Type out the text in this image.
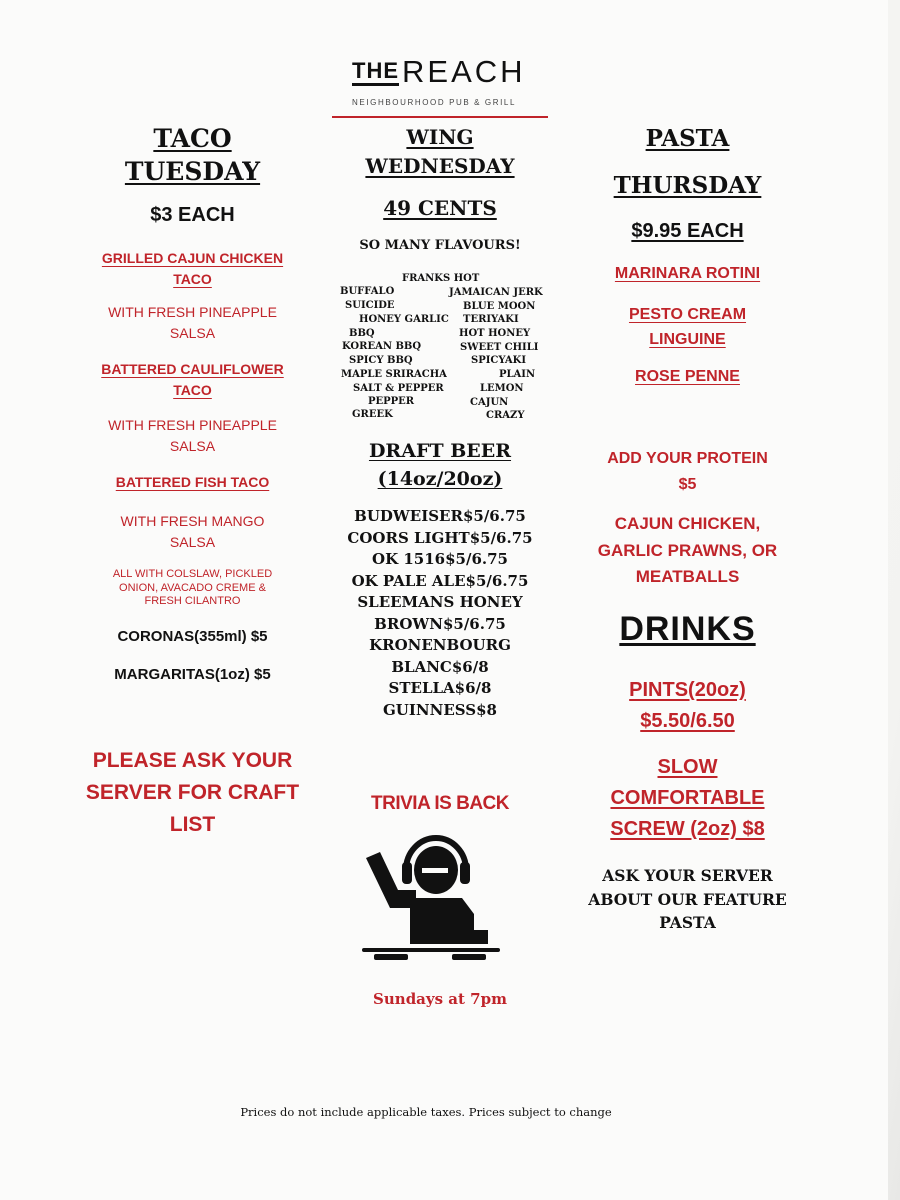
THE REACH
NEIGHBOURHOOD PUB & GRILL
TACO
TUESDAY
$3 EACH
GRILLED CAJUN CHICKEN
TACO
WITH FRESH PINEAPPLE
SALSA
BATTERED CAULIFLOWER
TACO
WITH FRESH PINEAPPLE
SALSA
BATTERED FISH TACO
WITH FRESH MANGO
SALSA
ALL WITH COLSLAW, PICKLED
ONION, AVACADO CREME &
FRESH CILANTRO
CORONAS(355ml) $5
MARGARITAS(1oz) $5
PLEASE ASK YOUR
SERVER FOR CRAFT
LIST
WING
WEDNESDAY
49 CENTS
SO MANY FLAVOURS!
FRANKS HOT
BUFFALO	JAMAICAN JERK
SUICIDE	BLUE MOON
HONEY GARLIC TERIYAKI
BBQ	HOT HONEY
KOREAN BBQ	SWEET CHILI
SPICY BBQ	SPICYAKI
MAPLE SRIRACHA	PLAIN
SALT & PEPPER	LEMON
PEPPER	CAJUN
GREEK	CRAZY
DRAFT BEER
(14oz/20oz)
BUDWEISER$5/6.75
COORS LIGHT$5/6.75
OK 1516$5/6.75
OK PALE ALE$5/6.75
SLEEMANS HONEY
BROWN$5/6.75
KRONENBOURG
BLANC$6/8
STELLA$6/8
GUINNESS$8
TRIVIA IS BACK
Sundays at 7pm
PASTA
THURSDAY
$9.95 EACH
MARINARA ROTINI
PESTO CREAM
LINGUINE
ROSE PENNE
ADD YOUR PROTEIN
$5
CAJUN CHICKEN,
GARLIC PRAWNS, OR
MEATBALLS
DRINKS
PINTS(20oz)
$5.50/6.50
SLOW
COMFORTABLE
SCREW (2oz) $8
ASK YOUR SERVER
ABOUT OUR FEATURE
PASTA
Prices do not include applicable taxes. Prices subject to change
